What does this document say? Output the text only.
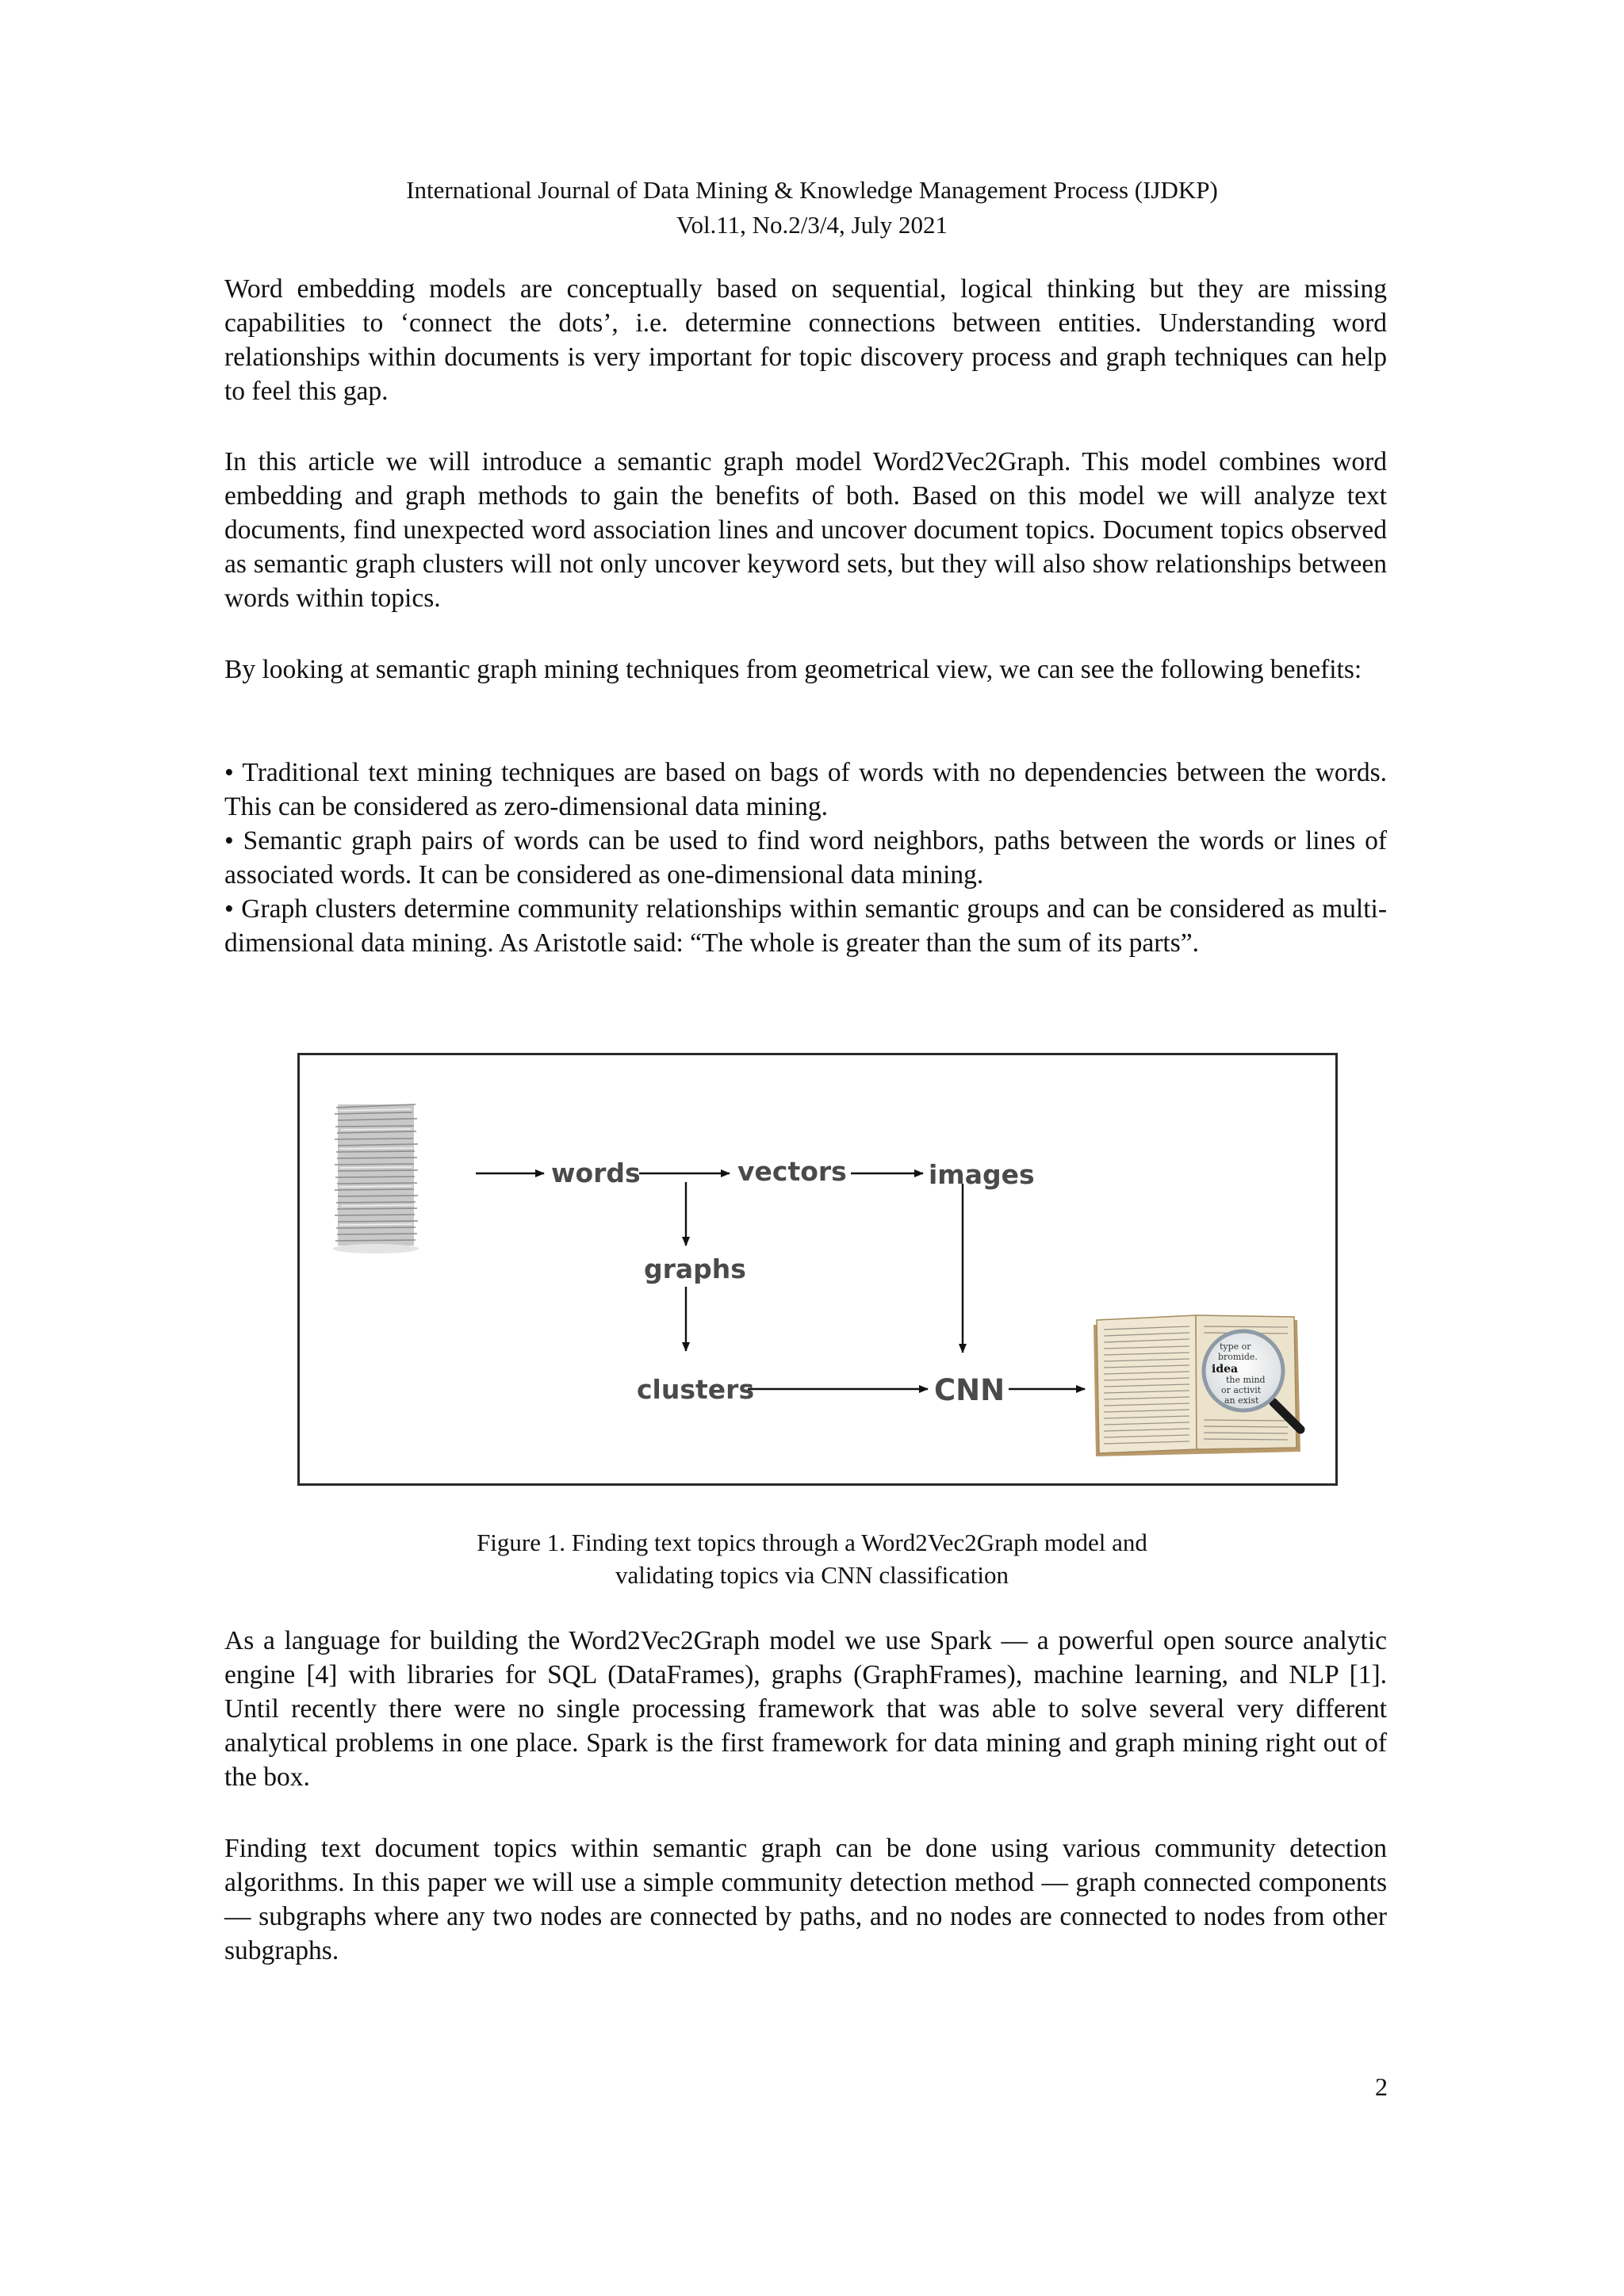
International Journal of Data Mining & Knowledge Management Process (IJDKP)
Vol.11, No.2/3/4, July 2021

Word embedding models are conceptually based on sequential, logical thinking but they are missing capabilities to ‘connect the dots’, i.e. determine connections between entities. Understanding word relationships within documents is very important for topic discovery process and graph techniques can help to feel this gap.

In this article we will introduce a semantic graph model Word2Vec2Graph. This model combines word embedding and graph methods to gain the benefits of both. Based on this model we will analyze text documents, find unexpected word association lines and uncover document topics. Document topics observed as semantic graph clusters will not only uncover keyword sets, but they will also show relationships between words within topics.

By looking at semantic graph mining techniques from geometrical view, we can see the following benefits:

• Traditional text mining techniques are based on bags of words with no dependencies between the words. This can be considered as zero-dimensional data mining.

• Semantic graph pairs of words can be used to find word neighbors, paths between the words or lines of associated words. It can be considered as one-dimensional data mining.

• Graph clusters determine community relationships within semantic groups and can be considered as multi-dimensional data mining. As Aristotle said: “The whole is greater than the sum of its parts”.

words	vectors	images
graphs
clusters	CNN
type or
bromide.
idea
the mind
or activit
an exist
Figure 1. Finding text topics through a Word2Vec2Graph model and
validating topics via CNN classification

As a language for building the Word2Vec2Graph model we use Spark — a powerful open source analytic engine [4] with libraries for SQL (DataFrames), graphs (GraphFrames), machine learning, and NLP [1]. Until recently there were no single processing framework that was able to solve several very different analytical problems in one place. Spark is the first framework for data mining and graph mining right out of the box.

Finding text document topics within semantic graph can be done using various community detection algorithms. In this paper we will use a simple community detection method — graph connected components — subgraphs where any two nodes are connected by paths, and no nodes are connected to nodes from other subgraphs.

2
